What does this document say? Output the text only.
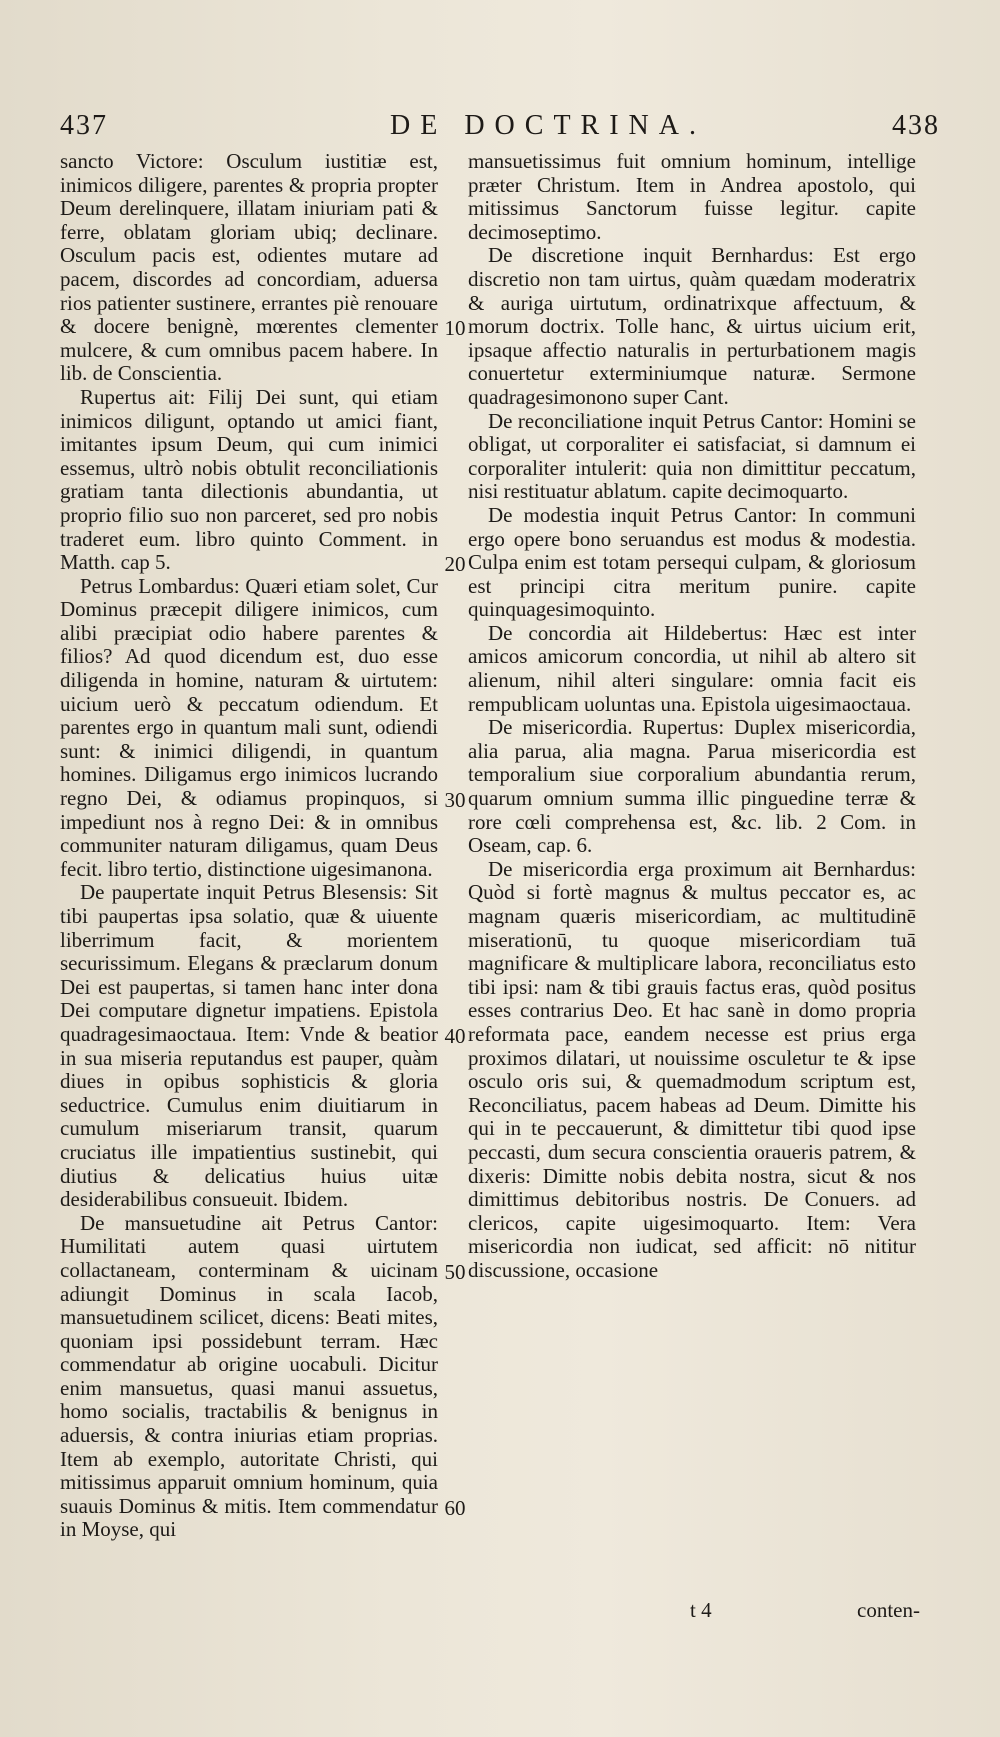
437	DE DOCTRINA.	438

sancto Victore: Osculum iustitiæ est, inimicos diligere, parentes & propria propter Deum derelinquere, illatam iniuriam pati & ferre, oblatam gloriam ubiq; declinare. Osculum pacis est, odientes mutare ad pacem, discordes ad concordiam, aduersa rios patienter sustinere, errantes piè renouare & docere benignè, mœrentes clementer mulcere, & cum omnibus pacem habere. In lib. de Conscientia.

Rupertus ait: Filij Dei sunt, qui etiam inimicos diligunt, optando ut amici fiant, imitantes ipsum Deum, qui cum inimici essemus, ultrò nobis obtulit reconciliationis gratiam tanta dilectionis abundantia, ut proprio filio suo non parceret, sed pro nobis traderet eum. libro quinto Comment. in Matth. cap 5.

Petrus Lombardus: Quæri etiam solet, Cur Dominus præcepit diligere inimicos, cum alibi præcipiat odio habere parentes & filios? Ad quod dicendum est, duo esse diligenda in homine, naturam & uirtutem: uicium uerò & peccatum odiendum. Et parentes ergo in quantum mali sunt, odiendi sunt: & inimici diligendi, in quantum homines. Diligamus ergo inimicos lucrando regno Dei, & odiamus propinquos, si impediunt nos à regno Dei: & in omnibus communiter naturam diligamus, quam Deus fecit. libro tertio, distinctione uigesimanona.

De paupertate inquit Petrus Blesensis: Sit tibi paupertas ipsa solatio, quæ & uiuente liberrimum facit, & morientem securissimum. Elegans & præclarum donum Dei est paupertas, si tamen hanc inter dona Dei computare dignetur impatiens. Epistola quadragesimaoctaua. Item: Vnde & beatior in sua miseria reputandus est pauper, quàm diues in opibus sophisticis & gloria seductrice. Cumulus enim diuitiarum in cumulum miseriarum transit, quarum cruciatus ille impatientius sustinebit, qui diutius & delicatius huius uitæ desiderabilibus consueuit. Ibidem.

De mansuetudine ait Petrus Cantor: Humilitati autem quasi uirtutem collactaneam, conterminam & uicinam adiungit Dominus in scala Iacob, mansuetudinem scilicet, dicens: Beati mites, quoniam ipsi possidebunt terram. Hæc commendatur ab origine uocabuli. Dicitur enim mansuetus, quasi manui assuetus, homo socialis, tractabilis & benignus in aduersis, & contra iniurias etiam proprias. Item ab exemplo, autoritate Christi, qui mitissimus apparuit omnium hominum, quia suauis Dominus & mitis. Item commendatur in Moyse, qui

10
20
30
40
50
60

mansuetissimus fuit omnium hominum, intellige præter Christum. Item in Andrea apostolo, qui mitissimus Sanctorum fuisse legitur. capite decimoseptimo.

De discretione inquit Bernhardus: Est ergo discretio non tam uirtus, quàm quædam moderatrix & auriga uirtutum, ordinatrixque affectuum, & morum doctrix. Tolle hanc, & uirtus uicium erit, ipsaque affectio naturalis in perturbationem magis conuertetur exterminiumque naturæ. Sermone quadragesimonono super Cant.

De reconciliatione inquit Petrus Cantor: Homini se obligat, ut corporaliter ei satisfaciat, si damnum ei corporaliter intulerit: quia non dimittitur peccatum, nisi restituatur ablatum. capite decimoquarto.

De modestia inquit Petrus Cantor: In communi ergo opere bono seruandus est modus & modestia. Culpa enim est totam persequi culpam, & gloriosum est principi citra meritum punire. capite quinquagesimoquinto.

De concordia ait Hildebertus: Hæc est inter amicos amicorum concordia, ut nihil ab altero sit alienum, nihil alteri singulare: omnia facit eis rempublicam uoluntas una. Epistola uigesimaoctaua.

De misericordia. Rupertus: Duplex misericordia, alia parua, alia magna. Parua misericordia est temporalium siue corporalium abundantia rerum, quarum omnium summa illic pinguedine terræ & rore cœli comprehensa est, &c. lib. 2 Com. in Oseam, cap. 6.

De misericordia erga proximum ait Bernhardus: Quòd si fortè magnus & multus peccator es, ac magnam quæris misericordiam, ac multitudinē miserationū, tu quoque misericordiam tuā magnificare & multiplicare labora, reconciliatus esto tibi ipsi: nam & tibi grauis factus eras, quòd positus esses contrarius Deo. Et hac sanè in domo propria reformata pace, eandem necesse est prius erga proximos dilatari, ut nouissime osculetur te & ipse osculo oris sui, & quemadmodum scriptum est, Reconciliatus, pacem habeas ad Deum. Dimitte his qui in te peccauerunt, & dimittetur tibi quod ipse peccasti, dum secura conscientia oraueris patrem, & dixeris: Dimitte nobis debita nostra, sicut & nos dimittimus debitoribus nostris. De Conuers. ad clericos, capite uigesimoquarto. Item: Vera misericordia non iudicat, sed afficit: nō nititur discussione, occasione

t 4	conten-
